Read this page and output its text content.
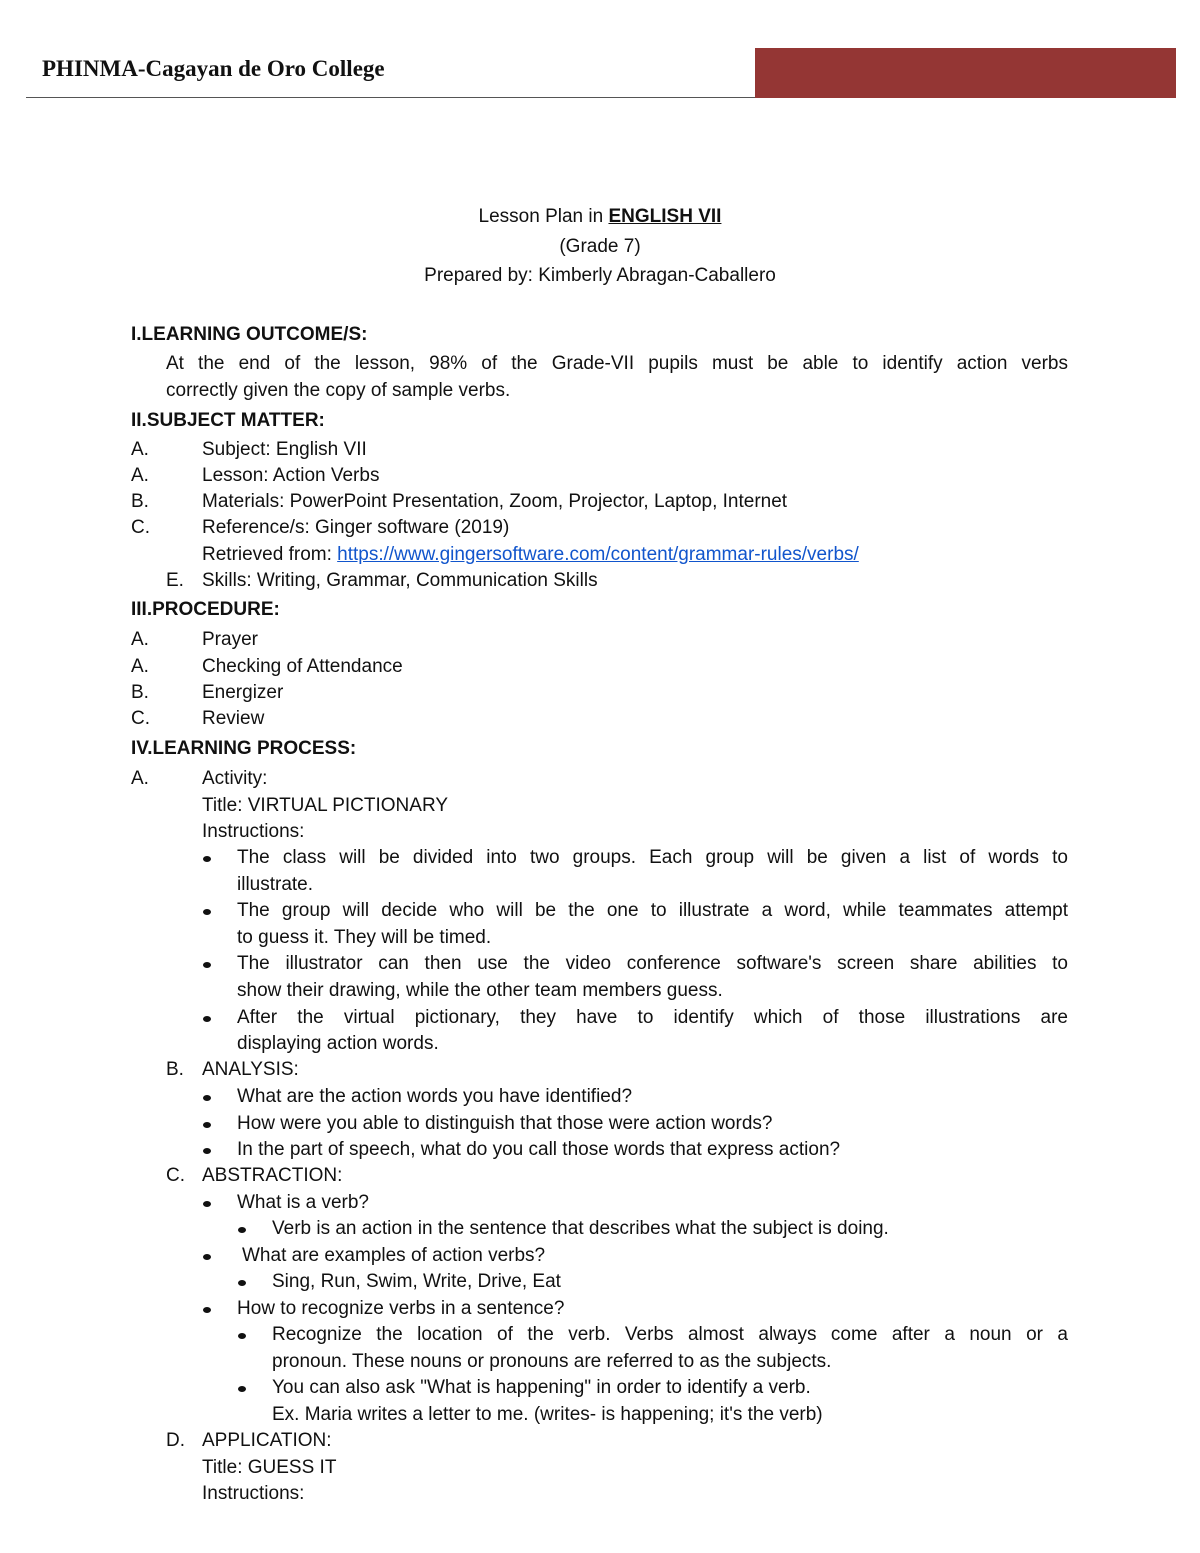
PHINMA-Cagayan de Oro College
Lesson Plan in ENGLISH VII
(Grade 7)
Prepared by: Kimberly Abragan-Caballero
I.LEARNING OUTCOME/S:
At the end of the lesson, 98% of the Grade-VII pupils must be able to identify action verbs
correctly given the copy of sample verbs.
II.SUBJECT MATTER:
A.	Subject: English VII
A.	Lesson: Action Verbs
B.	Materials: PowerPoint Presentation, Zoom, Projector, Laptop, Internet
C.	Reference/s: Ginger software (2019)
Retrieved from: https://www.gingersoftware.com/content/grammar-rules/verbs/
E. Skills: Writing, Grammar, Communication Skills
III.PROCEDURE:
A.	Prayer
A.	Checking of Attendance
B.	Energizer
C.	Review
IV.LEARNING PROCESS:
A.	Activity:
Title: VIRTUAL PICTIONARY
Instructions:
The class will be divided into two groups. Each group will be given a list of words to
illustrate.
The group will decide who will be the one to illustrate a word, while teammates attempt
to guess it. They will be timed.
The illustrator can then use the video conference software's screen share abilities to
show their drawing, while the other team members guess.
After the virtual pictionary, they have to identify which of those illustrations are
displaying action words.
B. ANALYSIS:
What are the action words you have identified?
How were you able to distinguish that those were action words?
In the part of speech, what do you call those words that express action?
C. ABSTRACTION:
What is a verb?
Verb is an action in the sentence that describes what the subject is doing.
What are examples of action verbs?
Sing, Run, Swim, Write, Drive, Eat
How to recognize verbs in a sentence?
Recognize the location of the verb. Verbs almost always come after a noun or a
pronoun. These nouns or pronouns are referred to as the subjects.
You can also ask "What is happening" in order to identify a verb.
Ex. Maria writes a letter to me. (writes- is happening; it's the verb)
D. APPLICATION:
Title: GUESS IT
Instructions:
